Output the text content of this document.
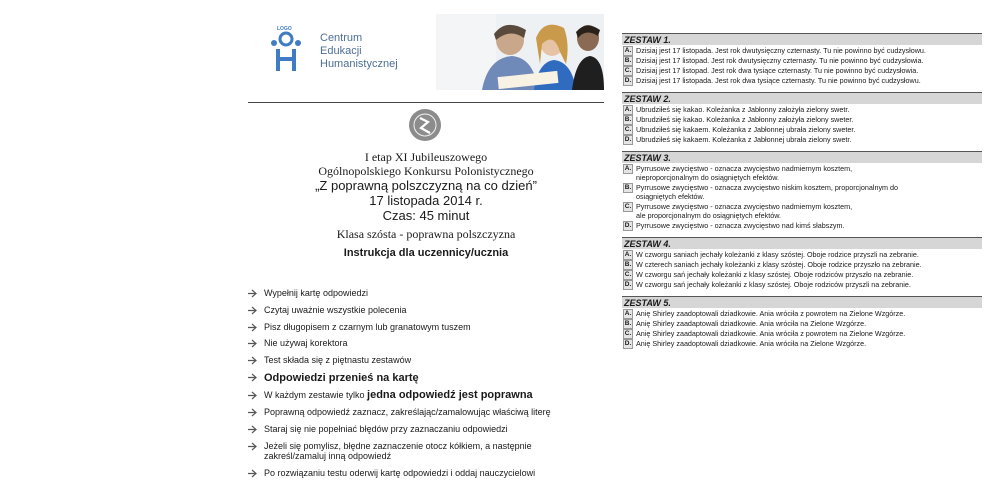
LOGO
Centrum
Edukacji
Humanistycznej
I etap XI Jubileuszowego
Ogólnopolskiego Konkursu Polonistycznego
„Z poprawną polszczyzną na co dzień”
17 listopada 2014 r.
Czas: 45 minut
Klasa szósta - poprawna polszczyzna
Instrukcja dla uczennicy/ucznia
Wypełnij kartę odpowiedzi
Czytaj uważnie wszystkie polecenia
Pisz długopisem z czarnym lub granatowym tuszem
Nie używaj korektora
Test składa się z piętnastu zestawów
Odpowiedzi przenieś na kartę
W każdym zestawie tylko jedna odpowiedź jest poprawna
Poprawną odpowiedź zaznacz, zakreślając/zamalowując właściwą literę
Staraj się nie popełniać błędów przy zaznaczaniu odpowiedzi
Jeżeli się pomylisz, błędne zaznaczenie otocz kółkiem, a następnie
zakreśl/zamaluj inną odpowiedź
Po rozwiązaniu testu oderwij kartę odpowiedzi i oddaj nauczycielowi
ZESTAW 1.
A. Dzisiaj jest 17 listopada. Jest rok dwutysięczny czternasty. Tu nie powinno być cudzysłowu.
B. Dzisiaj jest 17 listopad. Jest rok dwutysięczny czternasty. Tu nie powinno być cudzysłowia.
C. Dzisiaj jest 17 listopad. Jest rok dwa tysiące czternasty. Tu nie powinno być cudzysłowia.
D. Dzisiaj jest 17 listopada. Jest rok dwa tysiące czternasty. Tu nie powinno być cudzysłowu.
ZESTAW 2.
A. Ubrudziłeś się kakao. Koleżanka z Jabłonny założyła zielony swetr.
B. Ubrudziłeś się kakao. Koleżanka z Jabłonny założyła zielony sweter.
C. Ubrudziłeś się kakaem. Koleżanka z Jabłonnej ubrała zielony sweter.
D. Ubrudziłeś się kakaem. Koleżanka z Jabłonnej ubrała zielony swetr.
ZESTAW 3.
A. Pyrrusowe zwycięstwo - oznacza zwycięstwo nadmiernym kosztem,
nieproporcjonalnym do osiągniętych efektów.
B. Pyrrusowe zwycięstwo - oznacza zwycięstwo niskim kosztem, proporcjonalnym do
osiągniętych efektów.
C. Pyrrusowe zwycięstwo - oznacza zwycięstwo nadmiernym kosztem,
ale proporcjonalnym do osiągniętych efektów.
D. Pyrrusowe zwycięstwo - oznacza zwycięstwo nad kimś słabszym.
ZESTAW 4.
A. W czworgu saniach jechały koleżanki z klasy szóstej. Oboje rodzice przyszli na zebranie.
B. W czterech saniach jechały koleżanki z klasy szóstej. Oboje rodzice przyszło na zebranie.
C. W czworgu sań jechały koleżanki z klasy szóstej. Oboje rodziców przyszło na zebranie.
D. W czworgu sań jechały koleżanki z klasy szóstej. Oboje rodziców przyszli na zebranie.
ZESTAW 5.
A. Anię Shirley zaadoptowali dziadkowie. Ania wróciła z powrotem na Zielone Wzgórze.
B. Anię Shirley zaadaptowali dziadkowie. Ania wróciła na Zielone Wzgórze.
C. Anię Shirley zaadaptowali dziadkowie. Ania wróciła z powrotem na Zielone Wzgórze.
D. Anię Shirley zaadoptowali dziadkowie. Ania wróciła na Zielone Wzgórze.
